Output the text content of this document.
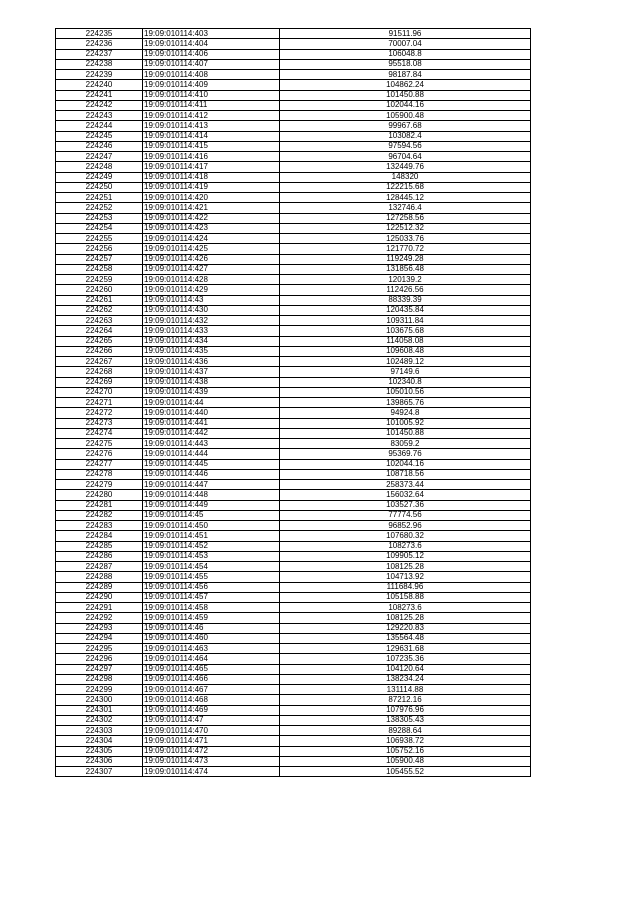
224235	19:09:010114:403	91511.96
224236	19:09:010114:404	70007.04
224237	19:09:010114:406	106048.8
224238	19:09:010114:407	95518.08
224239	19:09:010114:408	98187.84
224240	19:09:010114:409	104862.24
224241	19:09:010114:410	101450.88
224242	19:09:010114:411	102044.16
224243	19:09:010114:412	105900.48
224244	19:09:010114:413	99967.68
224245	19:09:010114:414	103082.4
224246	19:09:010114:415	97594.56
224247	19:09:010114:416	96704.64
224248	19:09:010114:417	132449.76
224249	19:09:010114:418	148320
224250	19:09:010114:419	122215.68
224251	19:09:010114:420	128445.12
224252	19:09:010114:421	132746.4
224253	19:09:010114:422	127258.56
224254	19:09:010114:423	122512.32
224255	19:09:010114:424	125033.76
224256	19:09:010114:425	121770.72
224257	19:09:010114:426	119249.28
224258	19:09:010114:427	131856.48
224259	19:09:010114:428	120139.2
224260	19:09:010114:429	112426.56
224261	19:09:010114:43	88339.39
224262	19:09:010114:430	120435.84
224263	19:09:010114:432	109311.84
224264	19:09:010114:433	103675.68
224265	19:09:010114:434	114058.08
224266	19:09:010114:435	109608.48
224267	19:09:010114:436	102489.12
224268	19:09:010114:437	97149.6
224269	19:09:010114:438	102340.8
224270	19:09:010114:439	105010.56
224271	19:09:010114:44	139865.76
224272	19:09:010114:440	94924.8
224273	19:09:010114:441	101005.92
224274	19:09:010114:442	101450.88
224275	19:09:010114:443	83059.2
224276	19:09:010114:444	95369.76
224277	19:09:010114:445	102044.16
224278	19:09:010114:446	108718.56
224279	19:09:010114:447	258373.44
224280	19:09:010114:448	156032.64
224281	19:09:010114:449	103527.36
224282	19:09:010114:45	77774.56
224283	19:09:010114:450	96852.96
224284	19:09:010114:451	107680.32
224285	19:09:010114:452	108273.6
224286	19:09:010114:453	109905.12
224287	19:09:010114:454	108125.28
224288	19:09:010114:455	104713.92
224289	19:09:010114:456	111684.96
224290	19:09:010114:457	105158.88
224291	19:09:010114:458	108273.6
224292	19:09:010114:459	108125.28
224293	19:09:010114:46	129220.83
224294	19:09:010114:460	135564.48
224295	19:09:010114:463	129631.68
224296	19:09:010114:464	107235.36
224297	19:09:010114:465	104120.64
224298	19:09:010114:466	138234.24
224299	19:09:010114:467	131114.88
224300	19:09:010114:468	87212.16
224301	19:09:010114:469	107976.96
224302	19:09:010114:47	138305.43
224303	19:09:010114:470	89288.64
224304	19:09:010114:471	106938.72
224305	19:09:010114:472	105752.16
224306	19:09:010114:473	105900.48
224307	19:09:010114:474	105455.52
